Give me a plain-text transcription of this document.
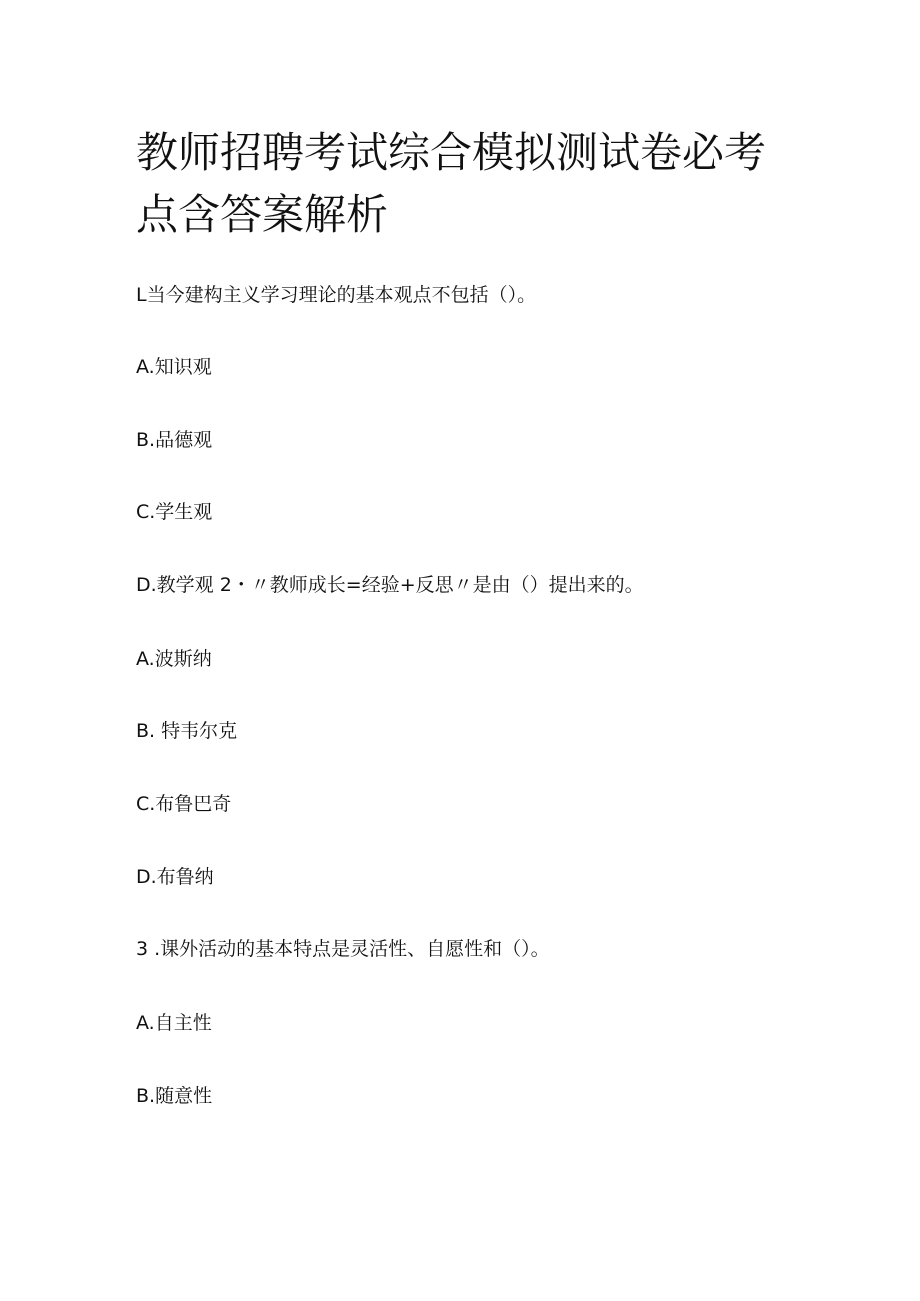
教师招聘考试综合模拟测试卷必考
点含答案解析

L当今建构主义学习理论的基本观点不包括（）。

A.知识观

B.品德观

C.学生观

D.教学观 2・〃教师成长=经验+反思〃是由（）提出来的。

A.波斯纳

B. 特韦尔克

C.布鲁巴奇

D.布鲁纳

3 .课外活动的基本特点是灵活性、自愿性和（）。

A.自主性

B.随意性
